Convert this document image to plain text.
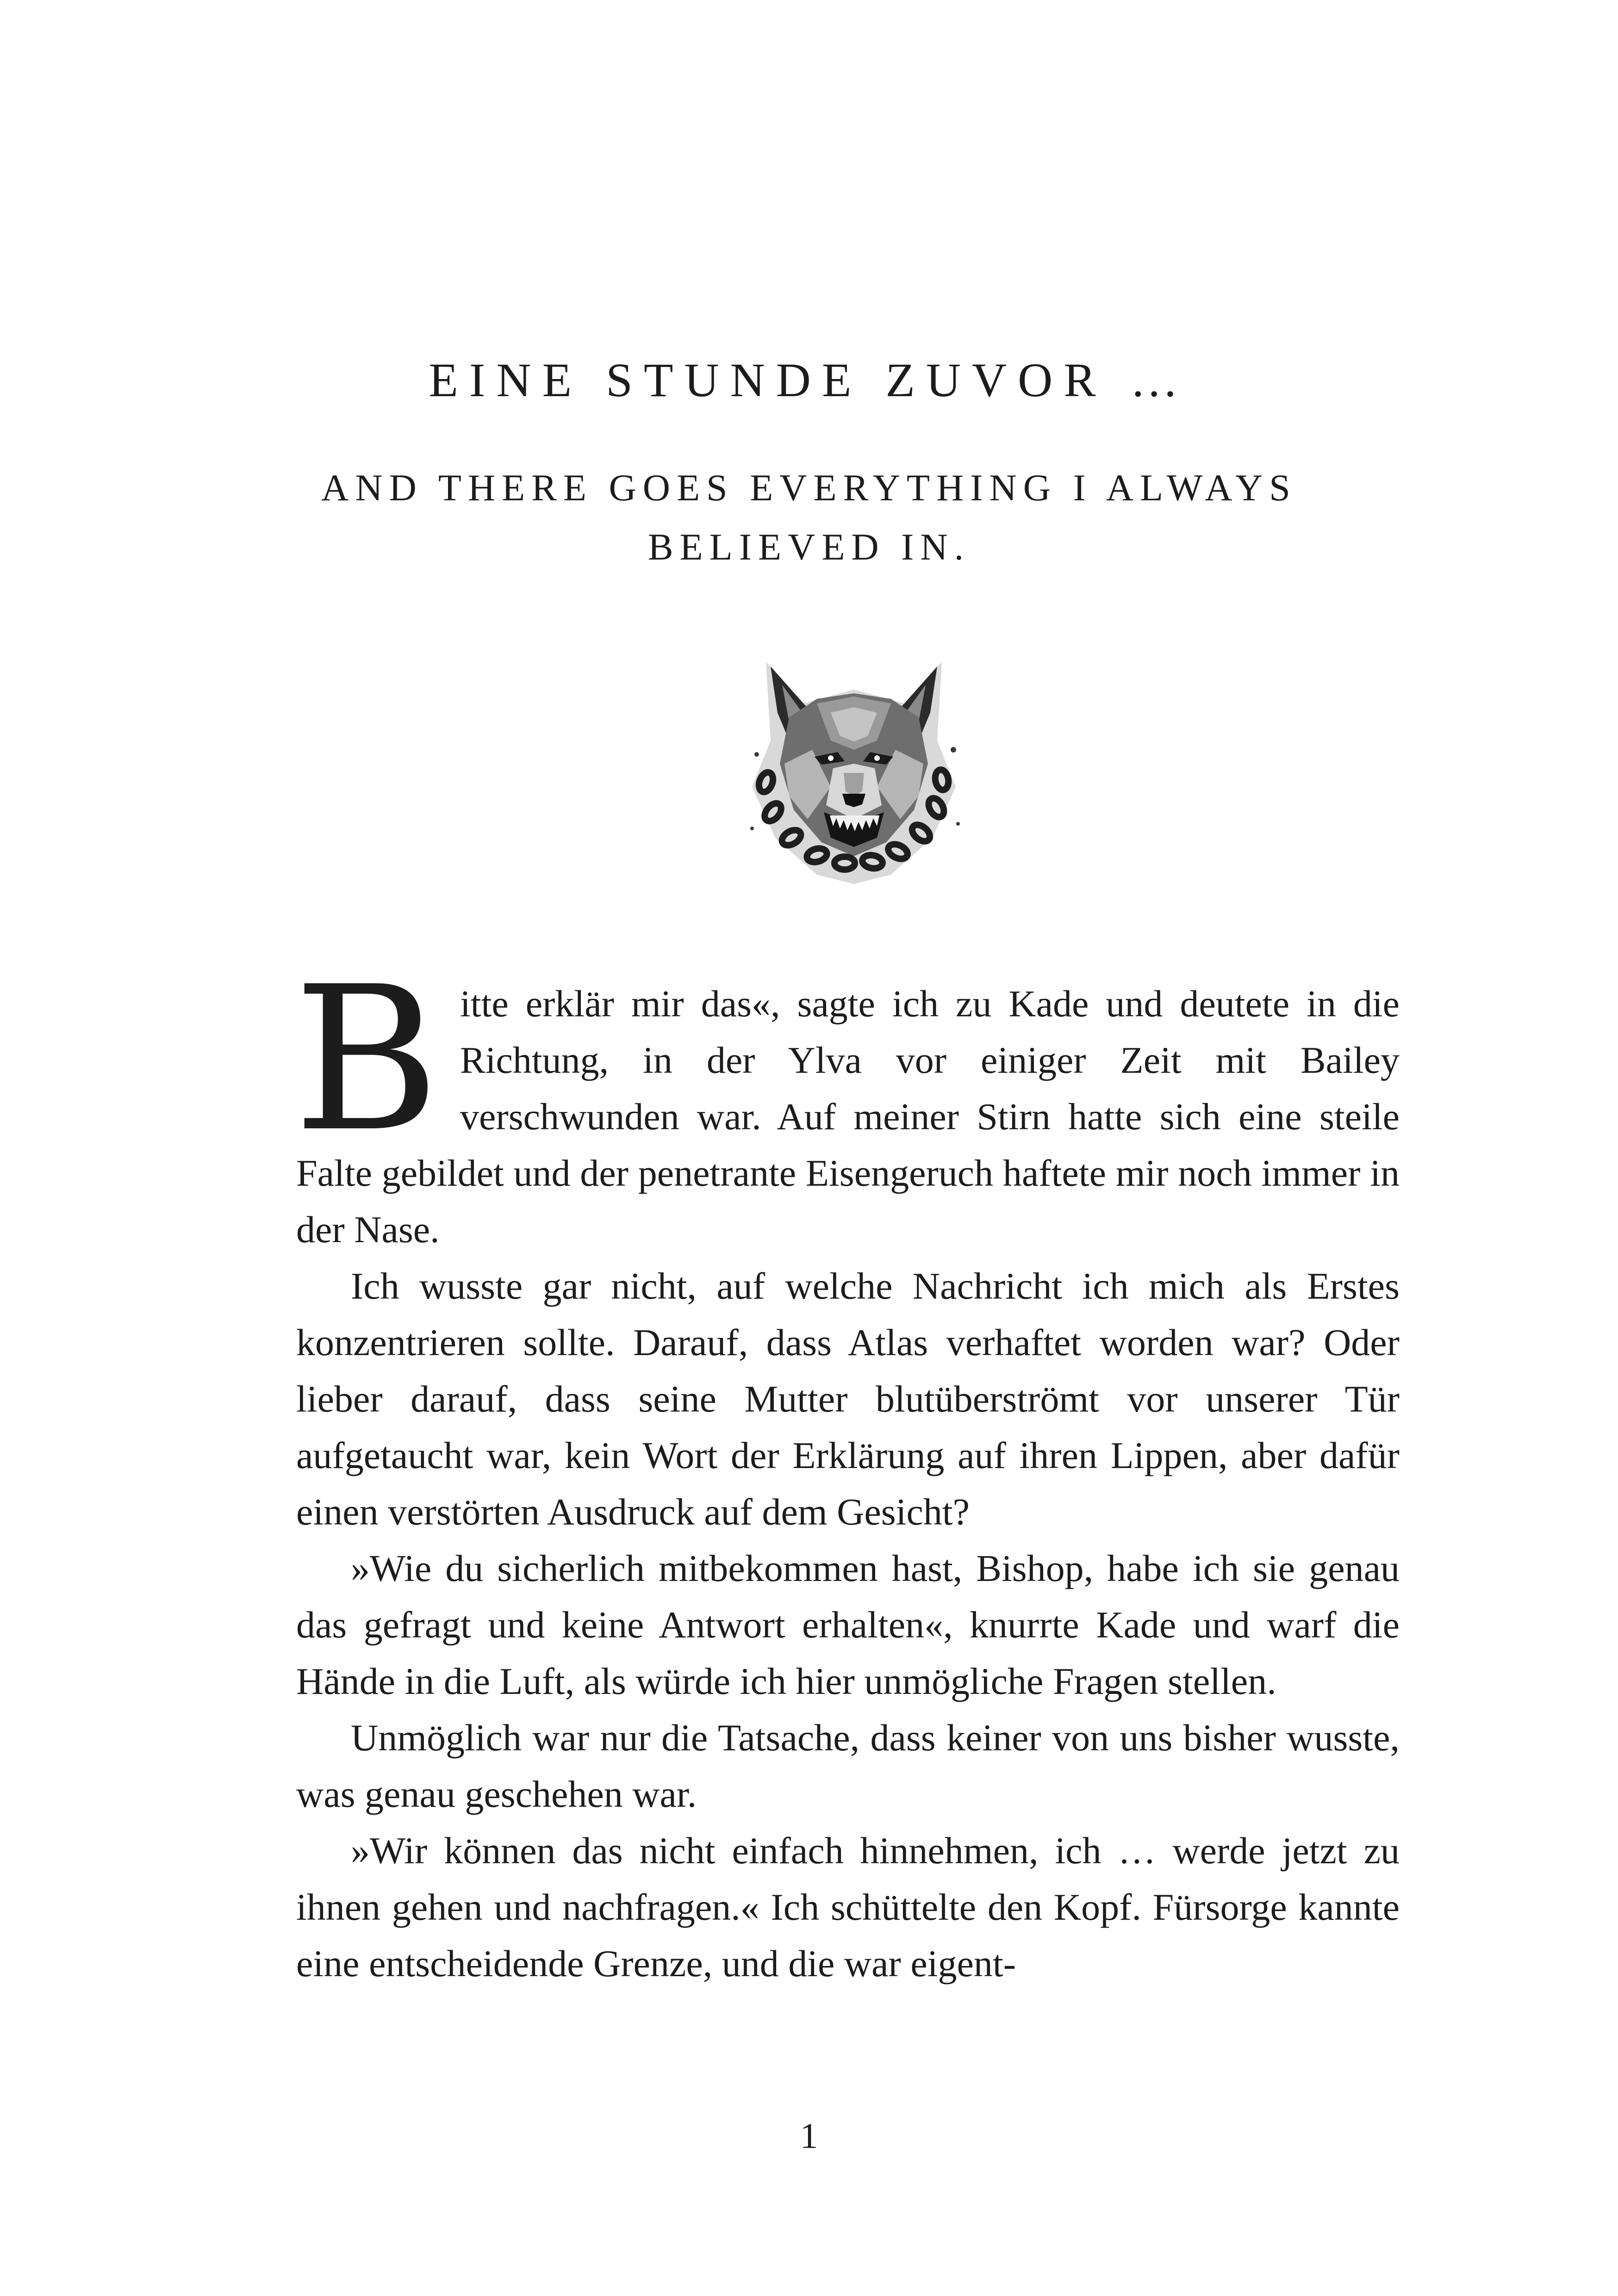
EINE STUNDE ZUVOR …
AND THERE GOES EVERYTHING I ALWAYS BELIEVED IN.

Bitte erklär mir das«, sagte ich zu Kade und deutete in die Richtung, in der Ylva vor einiger Zeit mit Bailey verschwunden war. Auf meiner Stirn hatte sich eine steile Falte gebildet und der penetrante Eisengeruch haftete mir noch immer in der Nase.

Ich wusste gar nicht, auf welche Nachricht ich mich als Erstes konzentrieren sollte. Darauf, dass Atlas verhaftet worden war? Oder lieber darauf, dass seine Mutter blutüberströmt vor unserer Tür aufgetaucht war, kein Wort der Erklärung auf ihren Lippen, aber dafür einen verstörten Ausdruck auf dem Gesicht?

»Wie du sicherlich mitbekommen hast, Bishop, habe ich sie genau das gefragt und keine Antwort erhalten«, knurrte Kade und warf die Hände in die Luft, als würde ich hier unmögliche Fragen stellen.

Unmöglich war nur die Tatsache, dass keiner von uns bisher wusste, was genau geschehen war.

»Wir können das nicht einfach hinnehmen, ich … werde jetzt zu ihnen gehen und nachfragen.« Ich schüttelte den Kopf. Fürsorge kannte eine entscheidende Grenze, und die war eigent-

1
